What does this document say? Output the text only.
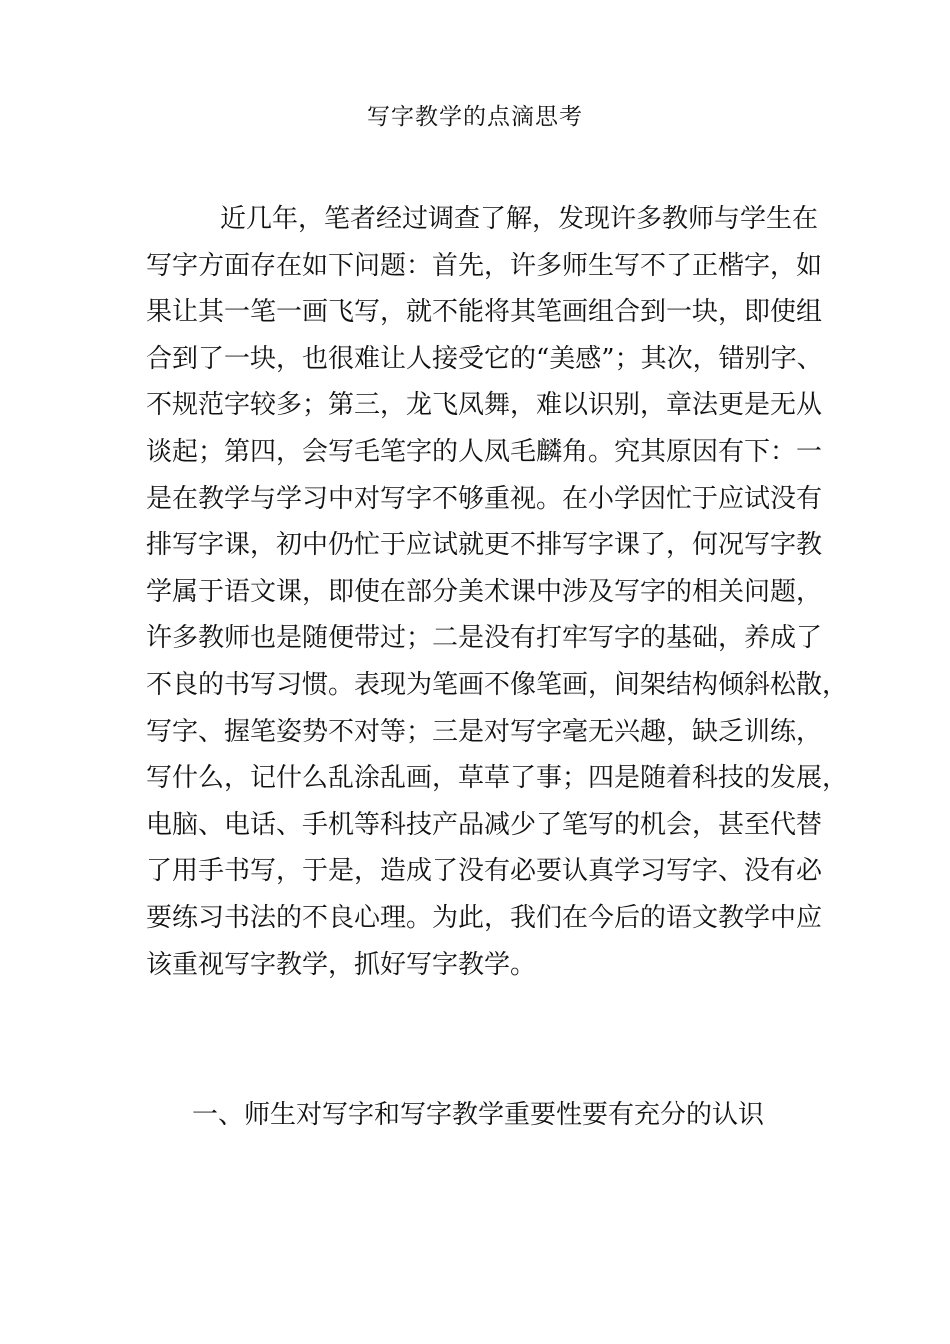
写字教学的点滴思考
近几年，笔者经过调查了解，发现许多教师与学生在
写字方面存在如下问题：首先，许多师生写不了正楷字，如
果让其一笔一画飞写，就不能将其笔画组合到一块，即使组
合到了一块，也很难让人接受它的“美感”；其次，错别字、
不规范字较多；第三，龙飞凤舞，难以识别，章法更是无从
谈起；第四，会写毛笔字的人凤毛麟角。究其原因有下：一
是在教学与学习中对写字不够重视。在小学因忙于应试没有
排写字课，初中仍忙于应试就更不排写字课了，何况写字教
学属于语文课，即使在部分美术课中涉及写字的相关问题，
许多教师也是随便带过；二是没有打牢写字的基础，养成了
不良的书写习惯。表现为笔画不像笔画，间架结构倾斜松散，
写字、握笔姿势不对等；三是对写字毫无兴趣，缺乏训练，
写什么，记什么乱涂乱画，草草了事；四是随着科技的发展，
电脑、电话、手机等科技产品减少了笔写的机会，甚至代替
了用手书写，于是，造成了没有必要认真学习写字、没有必
要练习书法的不良心理。为此，我们在今后的语文教学中应
该重视写字教学，抓好写字教学。
一、师生对写字和写字教学重要性要有充分的认识
